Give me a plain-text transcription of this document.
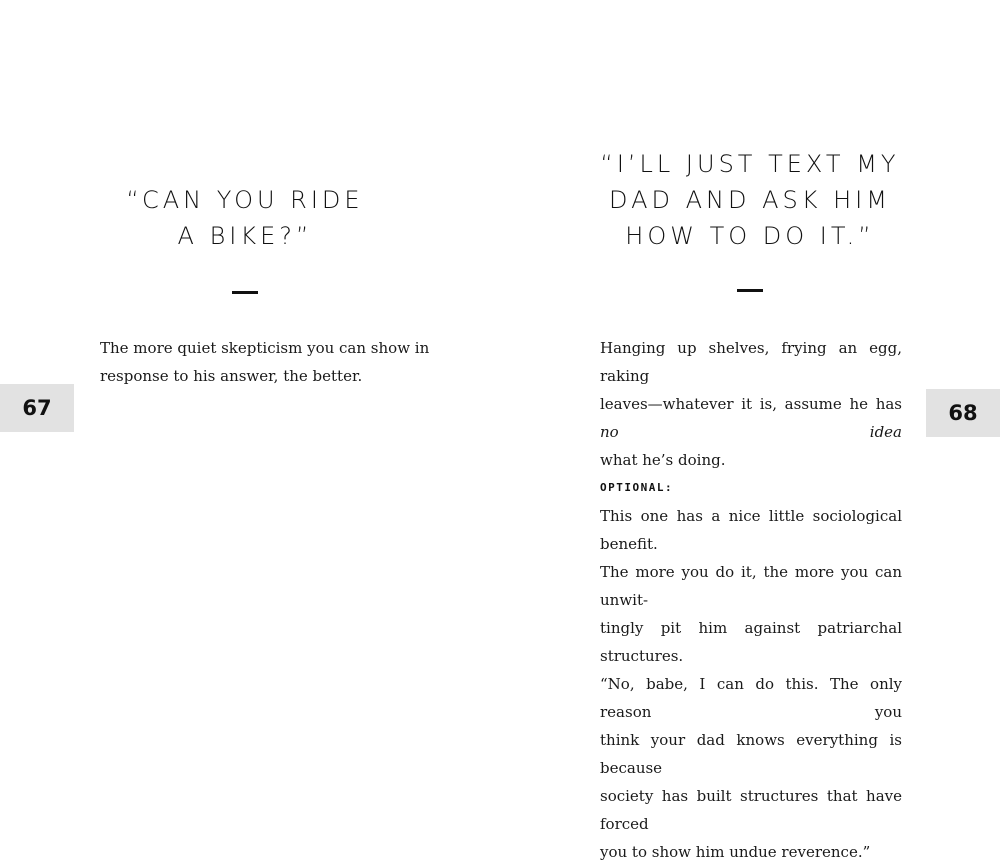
“CAN YOU RIDE
A BIKE?”
The more quiet skepticism you can show in
response to his answer, the better.
67
“I’LL JUST TEXT MY
DAD AND ASK HIM
HOW TO DO IT.”
Hanging up shelves, frying an egg, raking
leaves—whatever it is, assume he has no idea
what he’s doing.
OPTIONAL:
This one has a nice little sociological benefit.
The more you do it, the more you can unwit-
tingly pit him against patriarchal structures.
“No, babe, I can do this. The only reason you
think your dad knows everything is because
society has built structures that have forced
you to show him undue reverence.”
68
